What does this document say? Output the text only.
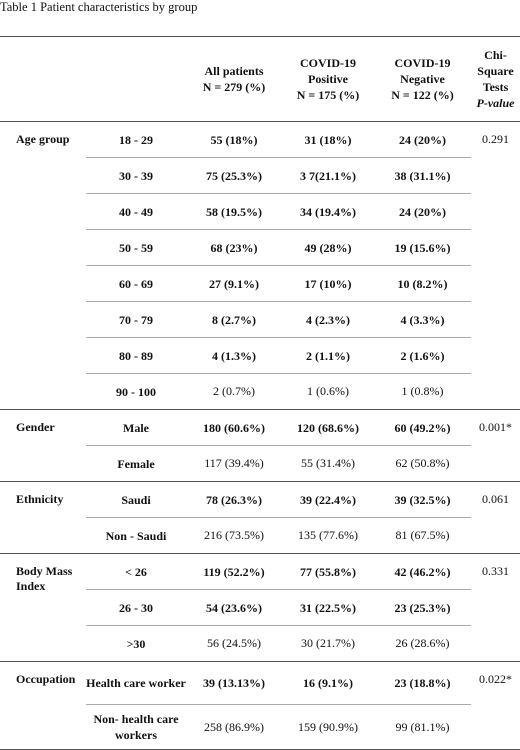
Table 1 Patient characteristics by group

		All patients
N = 279 (%)	COVID-19
Positive
N = 175 (%)	COVID-19
Negative
N = 122 (%)	Chi-
Square
Tests
P-value

Age group	18 - 29	55 (18%)	31 (18%)	24 (20%)	0.291
	30 - 39	75 (25.3%)	3 7(21.1%)	38 (31.1%)	
	40 - 49	58 (19.5%)	34 (19.4%)	24 (20%)	
	50 - 59	68 (23%)	49 (28%)	19 (15.6%)	
	60 - 69	27 (9.1%)	17 (10%)	10 (8.2%)	
	70 - 79	8 (2.7%)	4 (2.3%)	4 (3.3%)	
	80 - 89	4 (1.3%)	2 (1.1%)	2 (1.6%)	
	90 - 100	2 (0.7%)	1 (0.6%)	1 (0.8%)	
Gender	Male	180 (60.6%)	120 (68.6%)	60 (49.2%)	0.001*
	Female	117 (39.4%)	55 (31.4%)	62 (50.8%)	
Ethnicity	Saudi	78 (26.3%)	39 (22.4%)	39 (32.5%)	0.061
	Non - Saudi	216 (73.5%)	135 (77.6%)	81 (67.5%)	
Body Mass Index	< 26	119 (52.2%)	77 (55.8%)	42 (46.2%)	0.331
	26 - 30	54 (23.6%)	31 (22.5%)	23 (25.3%)	
	>30	56 (24.5%)	30 (21.7%)	26 (28.6%)	
Occupation	Health care worker	39 (13.13%)	16 (9.1%)	23 (18.8%)	0.022*
	Non- health care workers	258 (86.9%)	159 (90.9%)	99 (81.1%)	
